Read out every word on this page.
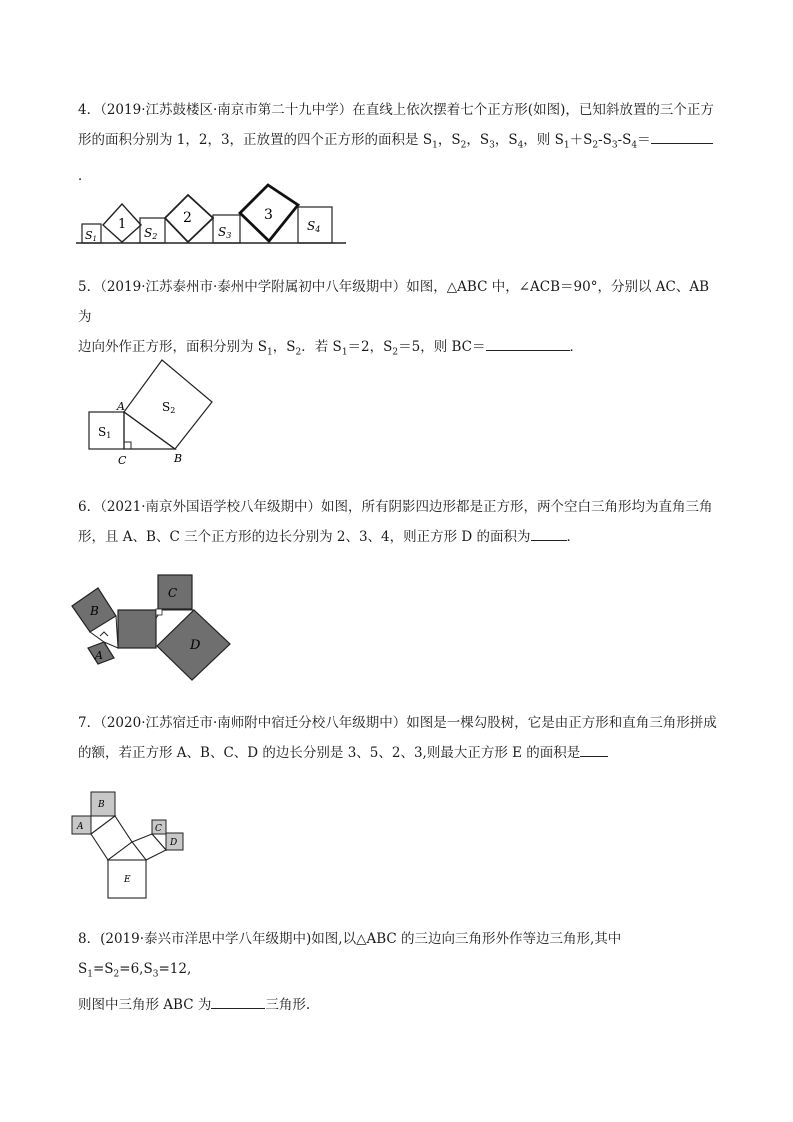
4．（2019·江苏鼓楼区·南京市第二十九中学）在直线上依次摆着七个正方形(如图)，已知斜放置的三个正方

形的面积分别为 1，2，3，正放置的四个正方形的面积是 $S_1$，$S_2$，$S_3$，$S_4$，则 $S_1+S_2-S_3-S_4=$．

S1
1
S2
2
S3
3
S4

5．（2019·江苏泰州市·泰州中学附属初中八年级期中）如图，△ABC 中，∠ACB＝90°，分别以 AC、AB 为

边向外作正方形，面积分别为 $S_1$，$S_2$．若 $S_1=2$，$S_2=5$，则 BC＝	．

A
B
C
S1
S2

6．（2021·南京外国语学校八年级期中）如图，所有阴影四边形都是正方形，两个空白三角形均为直角三角

形，且 A、B、C 三个正方形的边长分别为 2、3、4，则正方形 D 的面积为	．

C
D
B
A

7．（2020·江苏宿迁市·南师附中宿迁分校八年级期中）如图是一棵勾股树，它是由正方形和直角三角形拼成

的额，若正方形 A、B、C、D 的边长分别是 3、5、2、3,则最大正方形 E 的面积是

B
A	C
D
E

8．(2019·泰兴市洋思中学八年级期中)如图,以△ABC 的三边向三角形外作等边三角形,其中 $S_1=S_2=6,S_3=12$,

则图中三角形 ABC 为	三角形.
